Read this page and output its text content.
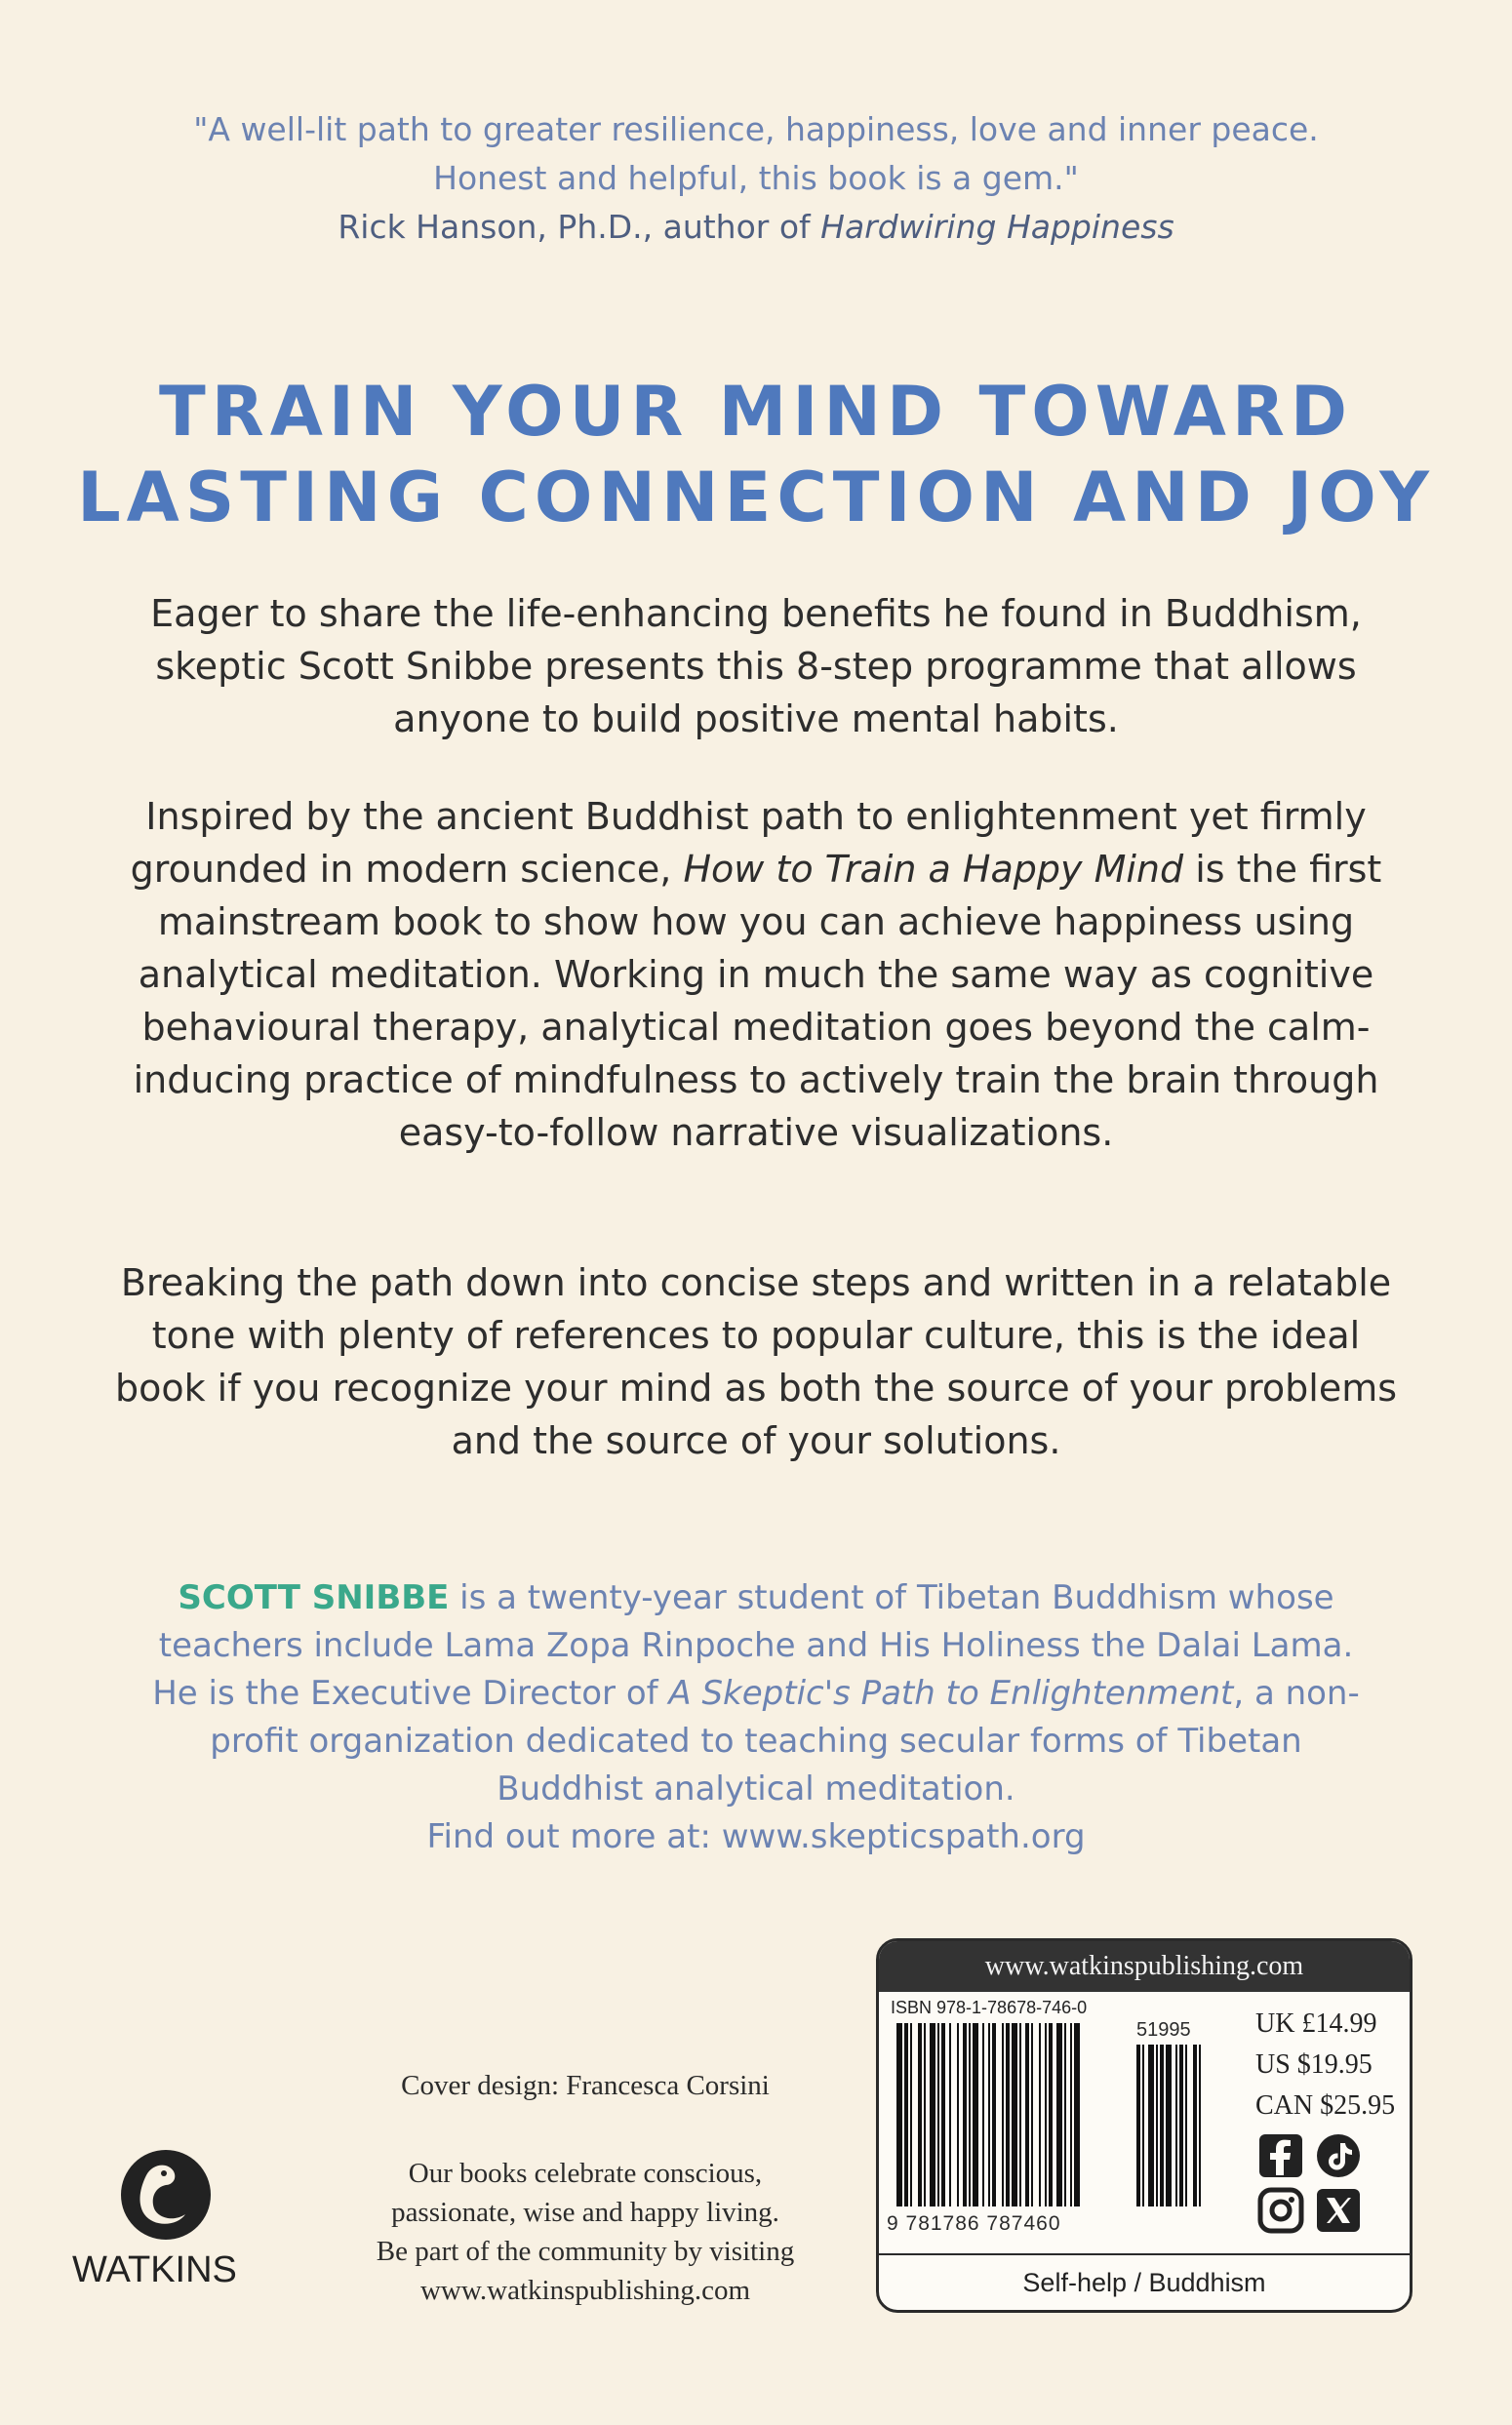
"A well-lit path to greater resilience, happiness, love and inner peace.
Honest and helpful, this book is a gem."
Rick Hanson, Ph.D., author of Hardwiring Happiness
TRAIN YOUR MIND TOWARD
LASTING CONNECTION AND JOY
Eager to share the life-enhancing benefits he found in Buddhism, skeptic Scott Snibbe presents this 8-step programme that allows anyone to build positive mental habits.
Inspired by the ancient Buddhist path to enlightenment yet firmly grounded in modern science, How to Train a Happy Mind is the first mainstream book to show how you can achieve happiness using analytical meditation. Working in much the same way as cognitive behavioural therapy, analytical meditation goes beyond the calm-inducing practice of mindfulness to actively train the brain through easy-to-follow narrative visualizations.
Breaking the path down into concise steps and written in a relatable tone with plenty of references to popular culture, this is the ideal book if you recognize your mind as both the source of your problems and the source of your solutions.
SCOTT SNIBBE is a twenty-year student of Tibetan Buddhism whose teachers include Lama Zopa Rinpoche and His Holiness the Dalai Lama. He is the Executive Director of A Skeptic's Path to Enlightenment, a non-profit organization dedicated to teaching secular forms of Tibetan Buddhist analytical meditation.
Find out more at: www.skepticspath.org
Cover design: Francesca Corsini
Our books celebrate conscious,
passionate, wise and happy living.
Be part of the community by visiting
www.watkinspublishing.com
WATKINS
www.watkinspublishing.com
ISBN 978-1-78678-746-0
51995
9 781786 787460
UK £14.99
US $19.95
CAN $25.95

Self-help / Buddhism
